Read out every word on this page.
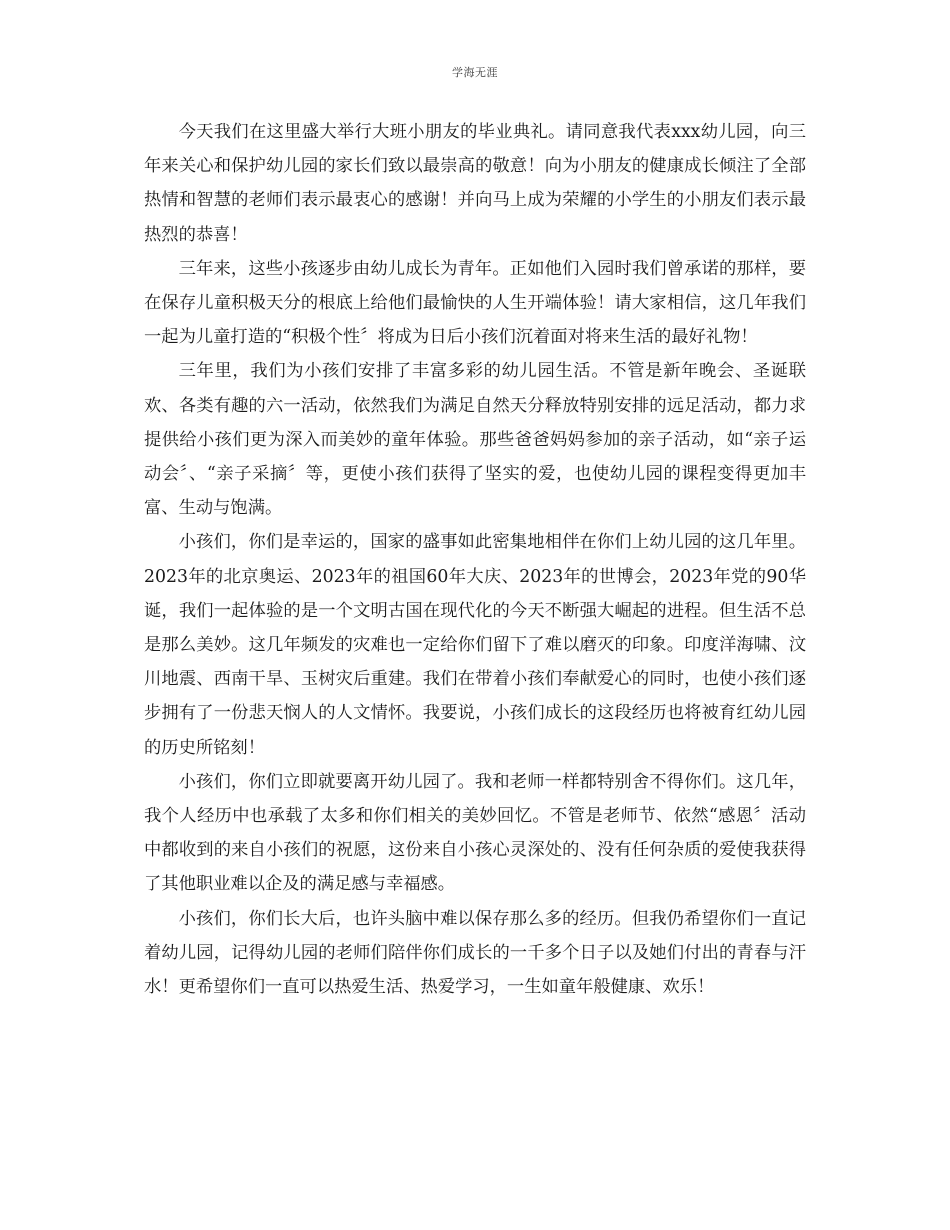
学海无涯

今天我们在这里盛大举行大班小朋友的毕业典礼。请同意我代表xxx幼儿园，向三年来关心和保护幼儿园的家长们致以最崇高的敬意！向为小朋友的健康成长倾注了全部热情和智慧的老师们表示最衷心的感谢！并向马上成为荣耀的小学生的小朋友们表示最热烈的恭喜！

三年来，这些小孩逐步由幼儿成长为青年。正如他们入园时我们曾承诺的那样，要在保存儿童积极天分的根底上给他们最愉快的人生开端体验！请大家相信，这几年我们一起为儿童打造的“积极个性〞将成为日后小孩们沉着面对将来生活的最好礼物！

三年里，我们为小孩们安排了丰富多彩的幼儿园生活。不管是新年晚会、圣诞联欢、各类有趣的六一活动，依然我们为满足自然天分释放特别安排的远足活动，都力求提供给小孩们更为深入而美妙的童年体验。那些爸爸妈妈参加的亲子活动，如“亲子运动会〞、“亲子采摘〞等，更使小孩们获得了坚实的爱，也使幼儿园的课程变得更加丰富、生动与饱满。

小孩们，你们是幸运的，国家的盛事如此密集地相伴在你们上幼儿园的这几年里。2023年的北京奥运、2023年的祖国60年大庆、2023年的世博会，2023年党的90华诞，我们一起体验的是一个文明古国在现代化的今天不断强大崛起的进程。但生活不总是那么美妙。这几年频发的灾难也一定给你们留下了难以磨灭的印象。印度洋海啸、汶川地震、西南干旱、玉树灾后重建。我们在带着小孩们奉献爱心的同时，也使小孩们逐步拥有了一份悲天悯人的人文情怀。我要说，小孩们成长的这段经历也将被育红幼儿园的历史所铭刻！

小孩们，你们立即就要离开幼儿园了。我和老师一样都特别舍不得你们。这几年，我个人经历中也承载了太多和你们相关的美妙回忆。不管是老师节、依然“感恩〞活动中都收到的来自小孩们的祝愿，这份来自小孩心灵深处的、没有任何杂质的爱使我获得了其他职业难以企及的满足感与幸福感。

小孩们，你们长大后，也许头脑中难以保存那么多的经历。但我仍希望你们一直记着幼儿园，记得幼儿园的老师们陪伴你们成长的一千多个日子以及她们付出的青春与汗水！更希望你们一直可以热爱生活、热爱学习，一生如童年般健康、欢乐！
